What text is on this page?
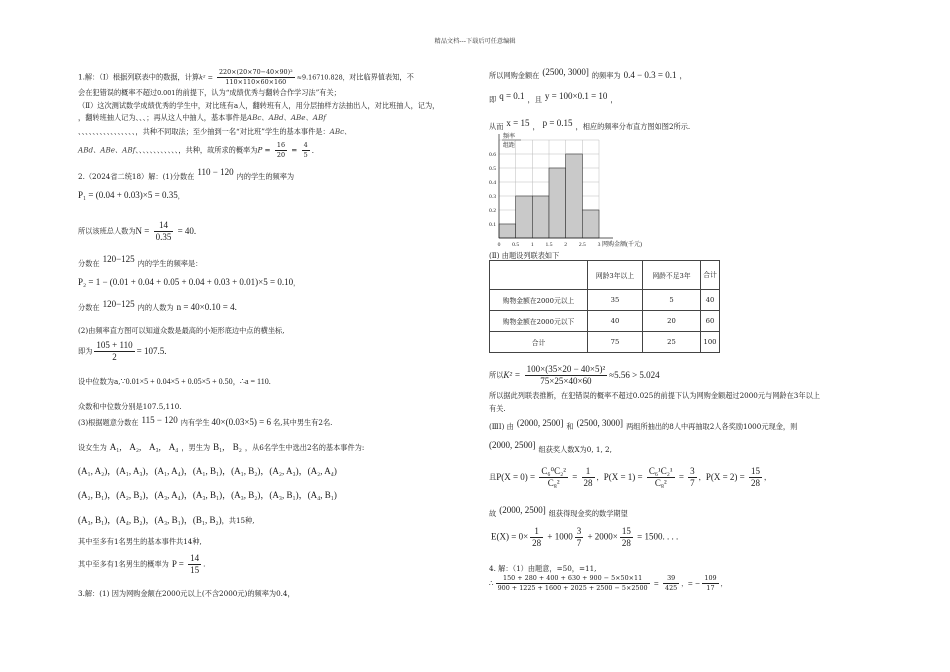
精品文档---下载后可任意编辑
1.解：（Ⅰ）根据列联表中的数据，计算$k^2 = \frac{\text{220×(20×70−40×90)²}}{110\times 110\times 60\times 160} \approx 9.16710.828$，对比临界值表知，不
会在犯错误的概率不超过0.001的前提下，认为“成绩优秀与翻转合作学习法”有关；
（Ⅱ）这次测试数学成绩优秀的学生中，对比班有a人，翻转班有人，用分层抽样方法抽出人，对比班抽人，记为，
，翻转班抽人记为、、、；再从这人中抽人，基本事件是ABc、ABd、ABe、ABf
、、、、、、、、、、、、、、、、，共种不同取法；至少抽到一名“对比班”学生的基本事件是：ABc、
ABd、ABe、ABf、、、、、、、、、、、、，共种，故所求的概率为$P = \frac{16}{20} = \frac{4}{5}$ ．
2.（2024省二统18）解：(1)分数在 110 − 120 内的学生的频率为
P₁ = (0.04 + 0.03)×5 = 0.35，
所以该班总人数为$N = \frac{14}{0.35} = 40$.
分数在 120−125 内的学生的频率是：
P₂ = 1 − (0.01 + 0.04 + 0.05 + 0.04 + 0.03 + 0.01)×5 = 0.10，
分数在 120−125 内的人数为 n = 40×0.10 = 4.
(2)由频率直方图可以知道众数是最高的小矩形底边中点的横坐标,
即为 $\frac{105 + 110}{2} = 107.5$.
设中位数为a,∵0.01×5 + 0.04×5 + 0.05×5 + 0.50，∴a = 110.
众数和中位数分别是107.5,110.
(3)根据题意分数在 115 − 120 内有学生 40×(0.03×5) = 6 名,其中男生有2名.
设女生为 A₁, A₂, A₃, A₄ ，男生为 B₁, B₂ ，从6名学生中选出2名的基本事件为:
(A₁, A₂)，(A₁, A₃)，(A₁, A₄)，(A₁, B₁)，(A₁, B₂)，(A₂, A₃)，(A₂, A₄)
(A₂, B₁)，(A₂, B₂)，(A₃, A₄)，(A₃, B₁)，(A₃, B₂)，(A₃, B₁)，(A₄, B₁)
(A₃, B₁)，(A₄, B₂)，(A₃, B₁)，(B₁, B₂)，共15种,
其中至多有1名男生的基本事件共14种,
其中至多有1名男生的概率为 $P = \frac{14}{15}$ .
3.解：(1) 因为网购金额在2000元以上(不含2000元)的频率为0.4，
所以网购金额在 (2500, 3000] 的频率为 0.4 − 0.3 = 0.1 ，
即 q = 0.1 ，且 y = 100×0.1 = 10 ，
从而 x = 15 ， p = 0.15 ，相应的频率分布直方图如图2所示.
0 0.5 1 1.5 2 2.5 3
0.1
0.2
0.3
0.4
0.5
0.6
频率
组距
网购金额(千元)
(Ⅱ) 由题设列联表如下
	网龄3年以上	网龄不足3年	合计
购物金额在2000元以上	35	5	40
购物金额在2000元以下	40	20	60
合计	75	25	100
所以$K^2 = \frac{\text{100×(35×20 − 40×5)²}}{75\times 25\times 40\times 60} \approx 5.56 > 5.024$
所以据此列联表推断，在犯错误的概率不超过0.025的前提下认为网购金额超过2000元与网龄在3年以上
有关.
(ⅢI) 由 (2000, 2500] 和 (2500, 3000] 两组所抽出的8人中再抽取2人各奖励1000元现金，则
(2000, 2500] 组获奖人数X为0, 1, 2,
且$P(X = 0) = \frac{\text{C₆⁰C₂²}}{\text{C₈²}} = \frac{1}{28}$ ，$P(X = 1) = \frac{\text{C₆¹C₂¹}}{\text{C₈²}} = \frac{3}{7}$ ，$P(X = 2) = \frac{15}{28}$ ，
故 (2000, 2500] 组获得现金奖的数学期望
$E(X) = 0\times \frac{1}{28} + 1000 \frac{3}{7} + 2000\times \frac{15}{28} = 1500$. . . .
4. 解：（1）由题意，=50，=11,
∴ $\frac{150 + 280 + 400 + 630 + 900 - 5\times 50\times 11}{900 + 1225 + 1600 + 2025 + 2500 - 5\times 2500} = \frac{39}{425}$ ，= − $\frac{109}{17}$ ，
